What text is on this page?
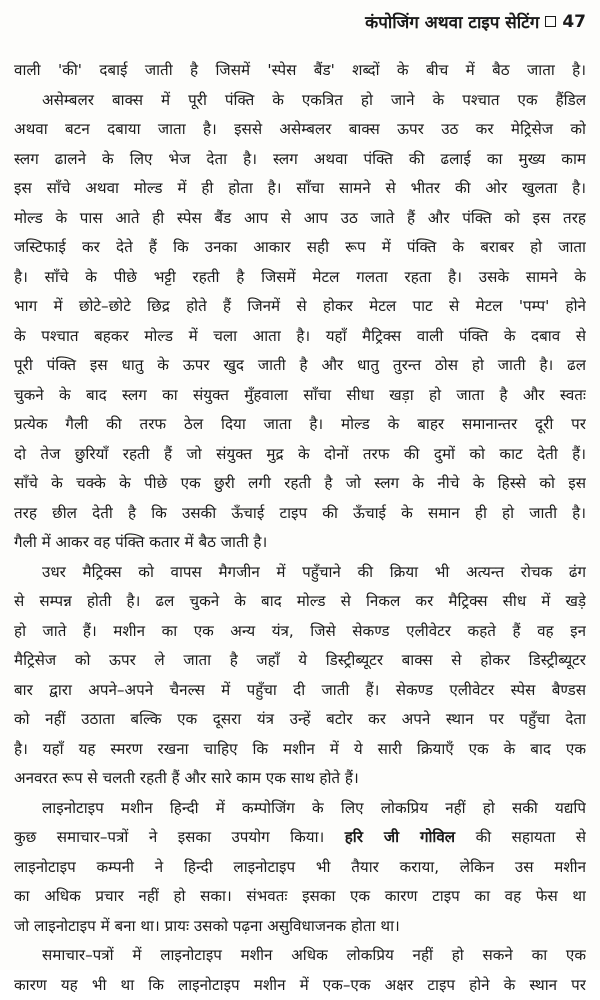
कंपोजिंग अथवा टाइप सेटिंग 47
वाली 'की' दबाई जाती है जिसमें 'स्पेस बैंड' शब्दों के बीच में बैठ जाता है।
असेम्बलर बाक्स में पूरी पंक्ति के एकत्रित हो जाने के पश्चात एक हैंडिल
अथवा बटन दबाया जाता है। इससे असेम्बलर बाक्स ऊपर उठ कर मेट्रिसेज को
स्लग ढालने के लिए भेज देता है। स्लग अथवा पंक्ति की ढलाई का मुख्य काम
इस साँचे अथवा मोल्ड में ही होता है। साँचा सामने से भीतर की ओर खुलता है।
मोल्ड के पास आते ही स्पेस बैंड आप से आप उठ जाते हैं और पंक्ति को इस तरह
जस्टिफाई कर देते हैं कि उनका आकार सही रूप में पंक्ति के बराबर हो जाता
है। साँचे के पीछे भट्टी रहती है जिसमें मेटल गलता रहता है। उसके सामने के
भाग में छोटे–छोटे छिद्र होते हैं जिनमें से होकर मेटल पाट से मेटल 'पम्प' होने
के पश्चात बहकर मोल्ड में चला आता है। यहाँ मैट्रिक्स वाली पंक्ति के दबाव से
पूरी पंक्ति इस धातु के ऊपर खुद जाती है और धातु तुरन्त ठोस हो जाती है। ढल
चुकने के बाद स्लग का संयुक्त मुँहवाला साँचा सीधा खड़ा हो जाता है और स्वतः
प्रत्येक गैली की तरफ ठेल दिया जाता है। मोल्ड के बाहर समानान्तर दूरी पर
दो तेज छुरियाँ रहती हैं जो संयुक्त मुद्र के दोनों तरफ की दुमों को काट देती हैं।
साँचे के चक्के के पीछे एक छुरी लगी रहती है जो स्लग के नीचे के हिस्से को इस
तरह छील देती है कि उसकी ऊँचाई टाइप की ऊँचाई के समान ही हो जाती है।
गैली में आकर वह पंक्ति कतार में बैठ जाती है।
उधर मैट्रिक्स को वापस मैगजीन में पहुँचाने की क्रिया भी अत्यन्त रोचक ढंग
से सम्पन्न होती है। ढल चुकने के बाद मोल्ड से निकल कर मैट्रिक्स सीध में खड़े
हो जाते हैं। मशीन का एक अन्य यंत्र, जिसे सेकण्ड एलीवेटर कहते हैं वह इन
मैट्रिसेज को ऊपर ले जाता है जहाँ ये डिस्ट्रीब्यूटर बाक्स से होकर डिस्ट्रीब्यूटर
बार द्वारा अपने–अपने चैनल्स में पहुँचा दी जाती हैं। सेकण्ड एलीवेटर स्पेस बैण्डस
को नहीं उठाता बल्कि एक दूसरा यंत्र उन्हें बटोर कर अपने स्थान पर पहुँचा देता
है। यहाँ यह स्मरण रखना चाहिए कि मशीन में ये सारी क्रियाएँ एक के बाद एक
अनवरत रूप से चलती रहती हैं और सारे काम एक साथ होते हैं।
लाइनोटाइप मशीन हिन्दी में कम्पोजिंग के लिए लोकप्रिय नहीं हो सकी यद्यपि
कुछ समाचार–पत्रों ने इसका उपयोग किया। हरि जी गोविल की सहायता से
लाइनोटाइप कम्पनी ने हिन्दी लाइनोटाइप भी तैयार कराया, लेकिन उस मशीन
का अधिक प्रचार नहीं हो सका। संभवतः इसका एक कारण टाइप का वह फेस था
जो लाइनोटाइप में बना था। प्रायः उसको पढ़ना असुविधाजनक होता था।
समाचार–पत्रों में लाइनोटाइप मशीन अधिक लोकप्रिय नहीं हो सकने का एक
कारण यह भी था कि लाइनोटाइप मशीन में एक–एक अक्षर टाइप होने के स्थान पर
